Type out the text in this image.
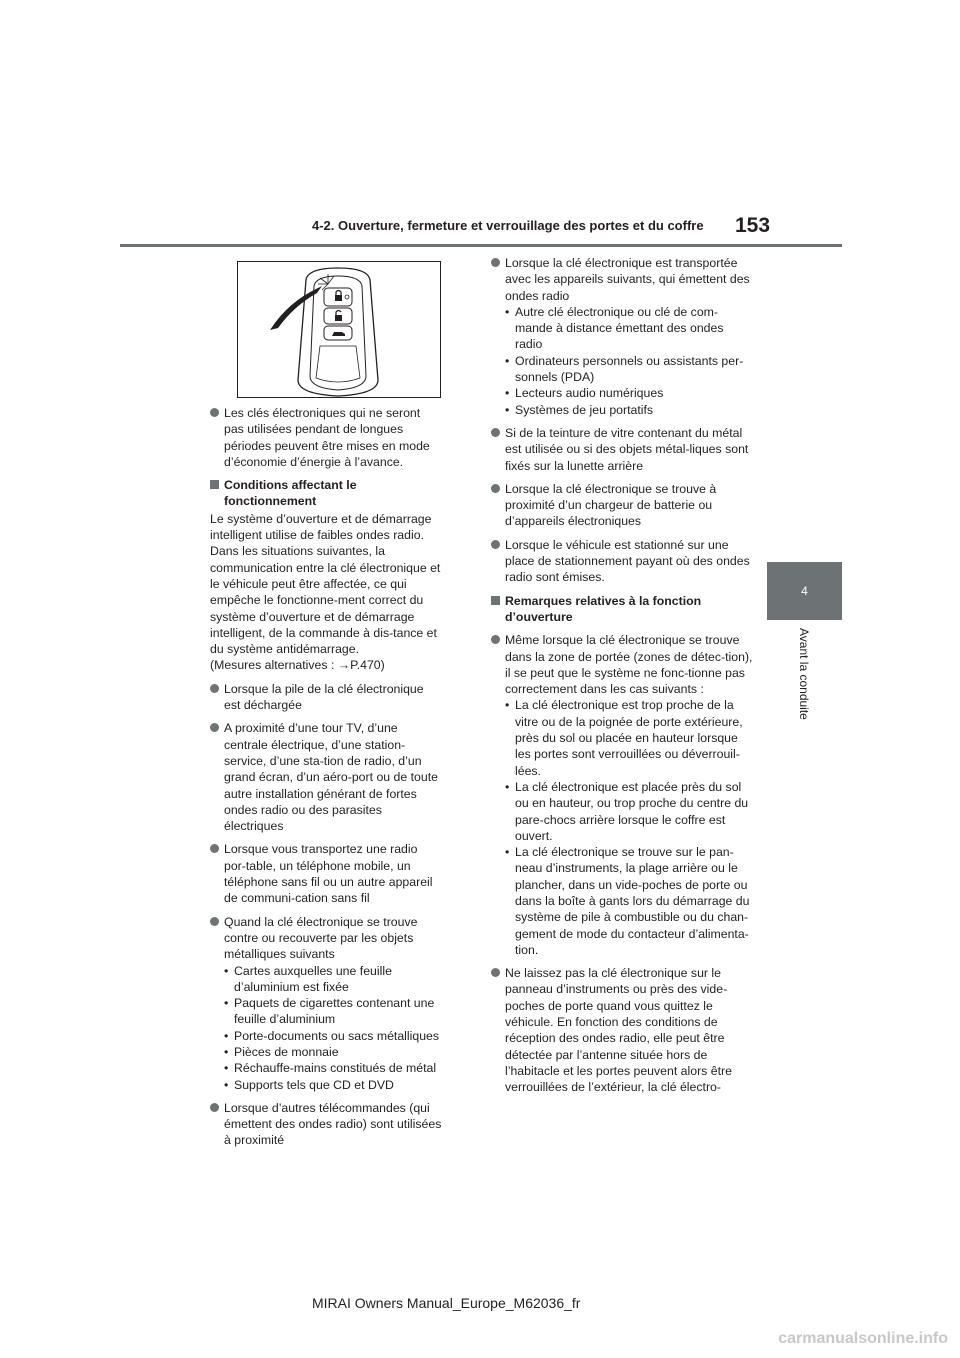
4-2. Ouverture, fermeture et verrouillage des portes et du coffre	153
4
Avant la conduite
Les clés électroniques qui ne seront pas utilisées pendant de longues périodes peuvent être mises en mode d’économie d’énergie à l’avance.
Conditions affectant le fonctionnement
Le système d’ouverture et de démarrage intelligent utilise de faibles ondes radio. Dans les situations suivantes, la communication entre la clé électronique et le véhicule peut être affectée, ce qui empêche le fonctionne-ment correct du système d’ouverture et de démarrage intelligent, de la commande à dis-tance et du système antidémarrage.
(Mesures alternatives : →P.470)
Lorsque la pile de la clé électronique est déchargée
A proximité d’une tour TV, d’une centrale électrique, d’une station-service, d’une sta-tion de radio, d’un grand écran, d’un aéro-port ou de toute autre installation générant de fortes ondes radio ou des parasites électriques
Lorsque vous transportez une radio por-table, un téléphone mobile, un téléphone sans fil ou un autre appareil de communi-cation sans fil
Quand la clé électronique se trouve contre ou recouverte par les objets métalliques suivants
• Cartes auxquelles une feuille d’aluminium est fixée
• Paquets de cigarettes contenant une feuille d’aluminium
• Porte-documents ou sacs métalliques
• Pièces de monnaie
• Réchauffe-mains constitués de métal
• Supports tels que CD et DVD
Lorsque d’autres télécommandes (qui émettent des ondes radio) sont utilisées à proximité
Lorsque la clé électronique est transportée avec les appareils suivants, qui émettent des ondes radio
• Autre clé électronique ou clé de com-mande à distance émettant des ondes radio
• Ordinateurs personnels ou assistants per-sonnels (PDA)
• Lecteurs audio numériques
• Systèmes de jeu portatifs
Si de la teinture de vitre contenant du métal est utilisée ou si des objets métal-liques sont fixés sur la lunette arrière
Lorsque la clé électronique se trouve à proximité d’un chargeur de batterie ou d’appareils électroniques
Lorsque le véhicule est stationné sur une place de stationnement payant où des ondes radio sont émises.
Remarques relatives à la fonction d’ouverture
Même lorsque la clé électronique se trouve dans la zone de portée (zones de détec-tion), il se peut que le système ne fonc-tionne pas correctement dans les cas suivants :
• La clé électronique est trop proche de la vitre ou de la poignée de porte extérieure, près du sol ou placée en hauteur lorsque les portes sont verrouillées ou déverrouil-lées.
• La clé électronique est placée près du sol ou en hauteur, ou trop proche du centre du pare-chocs arrière lorsque le coffre est ouvert.
• La clé électronique se trouve sur le pan-neau d’instruments, la plage arrière ou le plancher, dans un vide-poches de porte ou dans la boîte à gants lors du démarrage du système de pile à combustible ou du chan-gement de mode du contacteur d’alimenta-tion.
Ne laissez pas la clé électronique sur le panneau d’instruments ou près des vide-poches de porte quand vous quittez le véhicule. En fonction des conditions de réception des ondes radio, elle peut être détectée par l’antenne située hors de l’habitacle et les portes peuvent alors être verrouillées de l’extérieur, la clé électro-
MIRAI Owners Manual_Europe_M62036_fr
carmanualsonline.info
